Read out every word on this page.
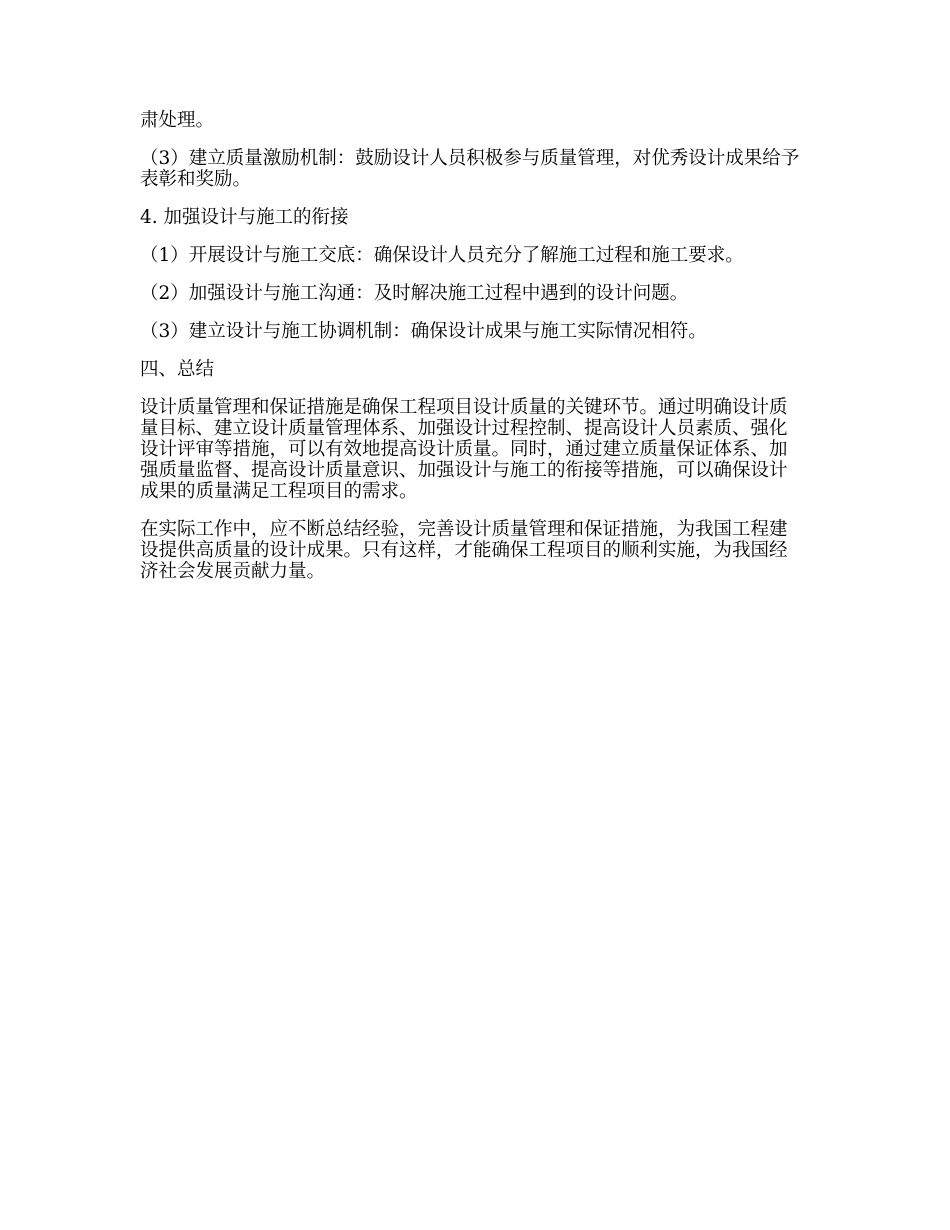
肃处理。

（3）建立质量激励机制：鼓励设计人员积极参与质量管理，对优秀设计成果给予表彰和奖励。

4. 加强设计与施工的衔接

（1）开展设计与施工交底：确保设计人员充分了解施工过程和施工要求。

（2）加强设计与施工沟通：及时解决施工过程中遇到的设计问题。

（3）建立设计与施工协调机制：确保设计成果与施工实际情况相符。

四、总结

设计质量管理和保证措施是确保工程项目设计质量的关键环节。通过明确设计质量目标、建立设计质量管理体系、加强设计过程控制、提高设计人员素质、强化设计评审等措施，可以有效地提高设计质量。同时，通过建立质量保证体系、加强质量监督、提高设计质量意识、加强设计与施工的衔接等措施，可以确保设计成果的质量满足工程项目的需求。

在实际工作中，应不断总结经验，完善设计质量管理和保证措施，为我国工程建设提供高质量的设计成果。只有这样，才能确保工程项目的顺利实施，为我国经济社会发展贡献力量。
